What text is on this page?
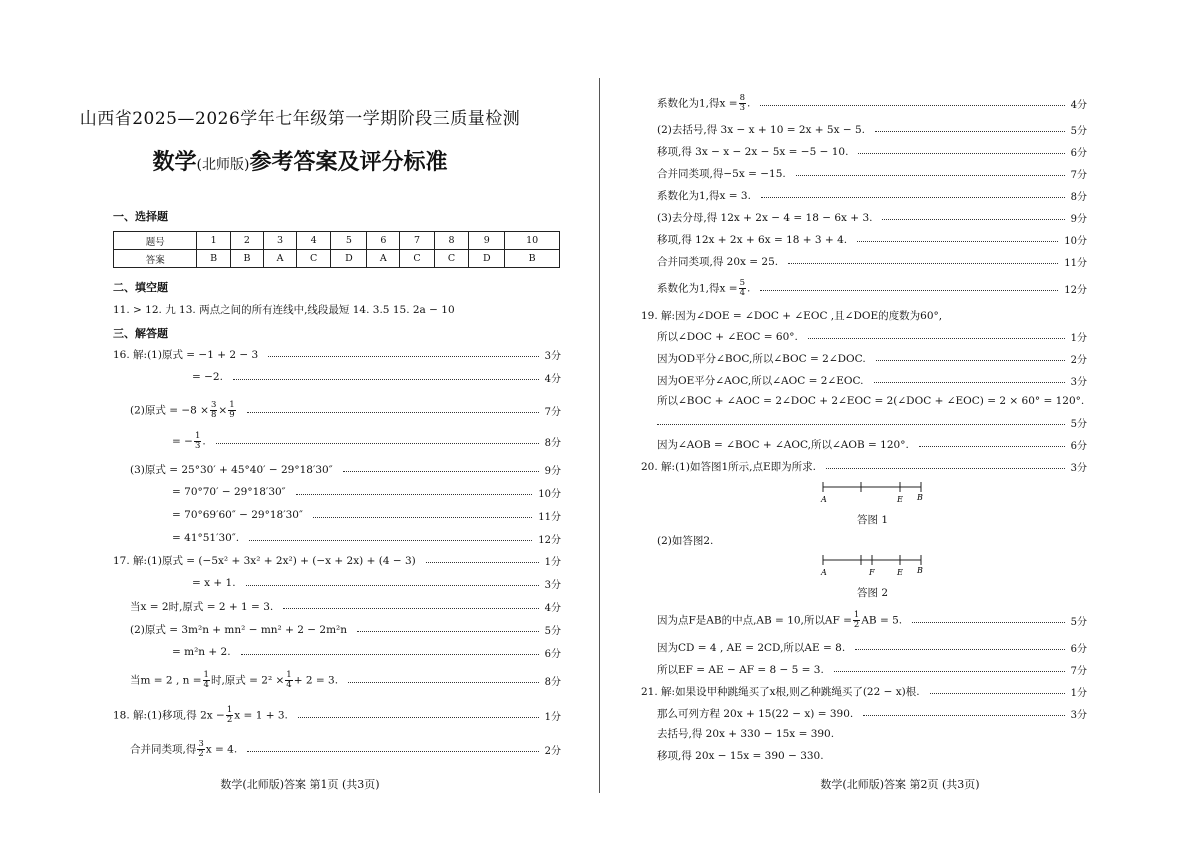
山西省2025—2026学年七年级第一学期阶段三质量检测
数学(北师版)参考答案及评分标准
一、选择题
题号	1	2	3	4	5	6	7	8	9	10
答案	B	B	A	C	D	A	C	C	D	B
二、填空题
11. > 12. 九 13. 两点之间的所有连线中,线段最短 14. 3.5 15. 2a − 10
三、解答题
16. 解:(1)原式 = −1 + 2 − 3	3分
= −2.	4分
(2)原式 = $-8 \times \frac{3}{8} \times \frac{1}{9}$	7分
= − $\frac{1}{3}$ .	8分
(3)原式 = 25°30′ + 45°40′ − 29°18′30″	9分
= 70°70′ − 29°18′30″	10分
= 70°69′60″ − 29°18′30″	11分
= 41°51′30″.	12分
17. 解:(1)原式 = (−5x² + 3x² + 2x²) + (−x + 2x) + (4 − 3)	1分
= x + 1.	3分
当x = 2时,原式 = 2 + 1 = 3.	4分
(2)原式 = 3m²n + mn² − mn² + 2 − 2m²n	5分
= m²n + 2.	6分
当m = 2 , $n = \frac{1}{4}$ 时,原式 = $2^2 \times \frac{1}{4} + 2 = 3$.	8分
18. 解:(1)移项,得 $2x - \frac{1}{2}$ x = 1 + 3.	1分
合并同类项,得 $\frac{3}{2}$ x = 4.	2分
数学(北师版)答案 第1页 (共3页)
系数化为1,得$x = \frac{8}{3}$ .	4分
(2)去括号,得 3x − x + 10 = 2x + 5x − 5.	5分
移项,得 3x − x − 2x − 5x = −5 − 10.	6分
合并同类项,得−5x = −15.	7分
系数化为1,得x = 3.	8分
(3)去分母,得 12x + 2x − 4 = 18 − 6x + 3.	9分
移项,得 12x + 2x + 6x = 18 + 3 + 4.	10分
合并同类项,得 20x = 25.	11分
系数化为1,得$x = \frac{5}{4}$ .	12分
19. 解:因为∠DOE = ∠DOC + ∠EOC ,且∠DOE的度数为60°,
所以∠DOC + ∠EOC = 60°.	1分
因为OD平分∠BOC,所以∠BOC = 2∠DOC.	2分
因为OE平分∠AOC,所以∠AOC = 2∠EOC.	3分
所以∠BOC + ∠AOC = 2∠DOC + 2∠EOC = 2(∠DOC + ∠EOC) = 2 × 60° = 120°.
5分
因为∠AOB = ∠BOC + ∠AOC,所以∠AOB = 120°.	6分
20. 解:(1)如答图1所示,点E即为所求.	3分
A	E B
答图 1
(2)如答图2.
A	F	E B
答图 2
因为点F是AB的中点,AB = 10,所以AF = $\frac{1}{2}$ AB = 5.	5分
因为CD = 4 , AE = 2CD,所以AE = 8.	6分
所以EF = AE − AF = 8 − 5 = 3.	7分
21. 解:如果设甲种跳绳买了x根,则乙种跳绳买了(22 − x)根.	1分
那么可列方程 20x + 15(22 − x) = 390.	3分
去括号,得 20x + 330 − 15x = 390.
移项,得 20x − 15x = 390 − 330.
数学(北师版)答案 第2页 (共3页)
